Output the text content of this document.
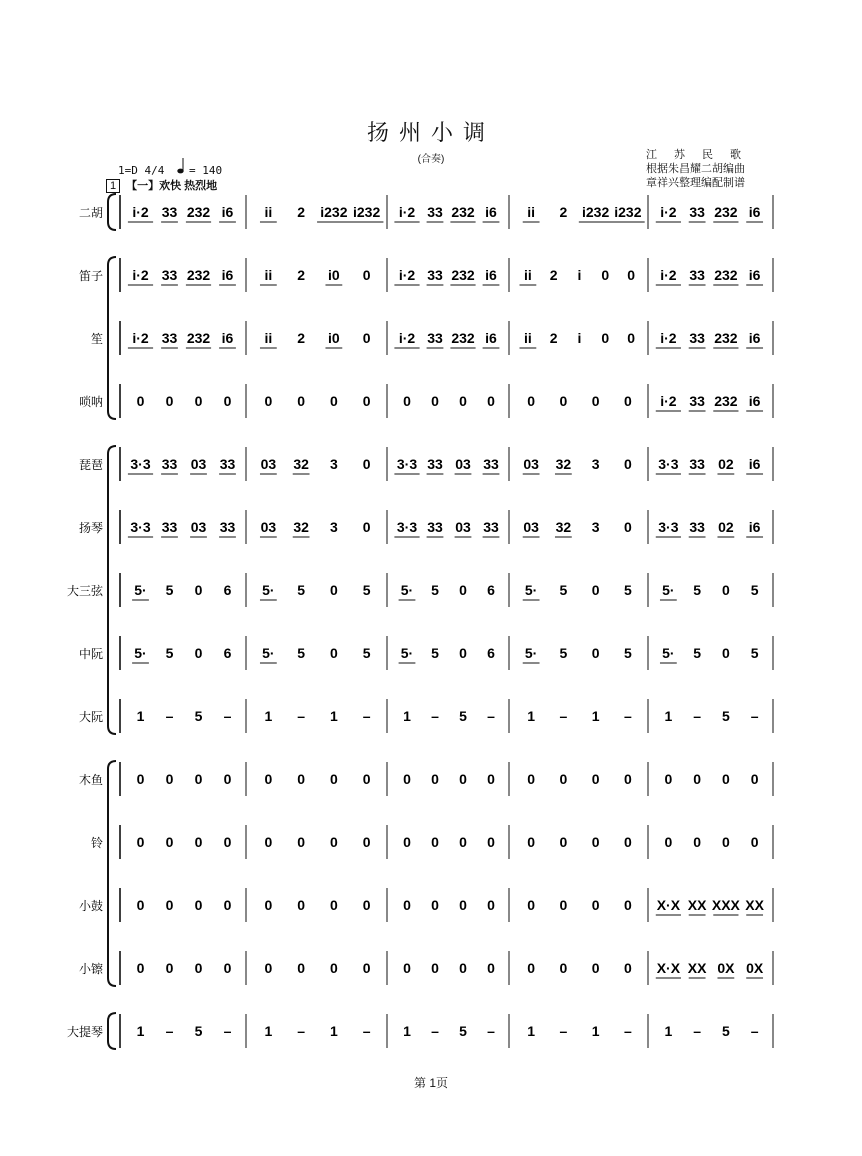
扬州小调
(合奏)	江苏民歌
根据朱昌耀二胡编曲
章祥兴整理编配制谱
1=D 4/4 = 140
1 【一】欢快 热烈地
二胡 i·2 33 232 i6 ii 2 i232 i232 i·2 33 232 i6 ii 2 i232 i232 i·2 33 232 i6
笛子 i·2 33 232 i6 ii 2 i0 0 i·2 33 232 i6 ii 2 i 0 0 i·2 33 232 i6
笙 i·2 33 232 i6 ii 2 i0 0 i·2 33 232 i6 ii 2 i 0 0 i·2 33 232 i6
唢呐 0 0 0 0 0 0 0 0 0 0 0 0 0 0 0 0 i·2 33 232 i6
琵琶 3·3 33 03 33 03 32 3 0 3·3 33 03 33 03 32 3 0 3·3 33 02 i6
扬琴 3·3 33 03 33 03 32 3 0 3·3 33 03 33 03 32 3 0 3·3 33 02 i6
大三弦 5· 5 0 6 5· 5 0 5 5· 5 0 6 5· 5 0 5 5· 5 0 5
中阮 5· 5 0 6 5· 5 0 5 5· 5 0 6 5· 5 0 5 5· 5 0 5
大阮 1 – 5 – 1 – 1 – 1 – 5 – 1 – 1 – 1 – 5 –
木鱼 0 0 0 0 0 0 0 0 0 0 0 0 0 0 0 0 0 0 0 0
铃 0 0 0 0 0 0 0 0 0 0 0 0 0 0 0 0 0 0 0 0
小鼓 0 0 0 0 0 0 0 0 0 0 0 0 0 0 0 0 X·X XX XXX XX
小镲 0 0 0 0 0 0 0 0 0 0 0 0 0 0 0 0 X·X XX 0X 0X
大提琴 1 – 5 – 1 – 1 – 1 – 5 – 1 – 1 – 1 – 5 –
第 1页
